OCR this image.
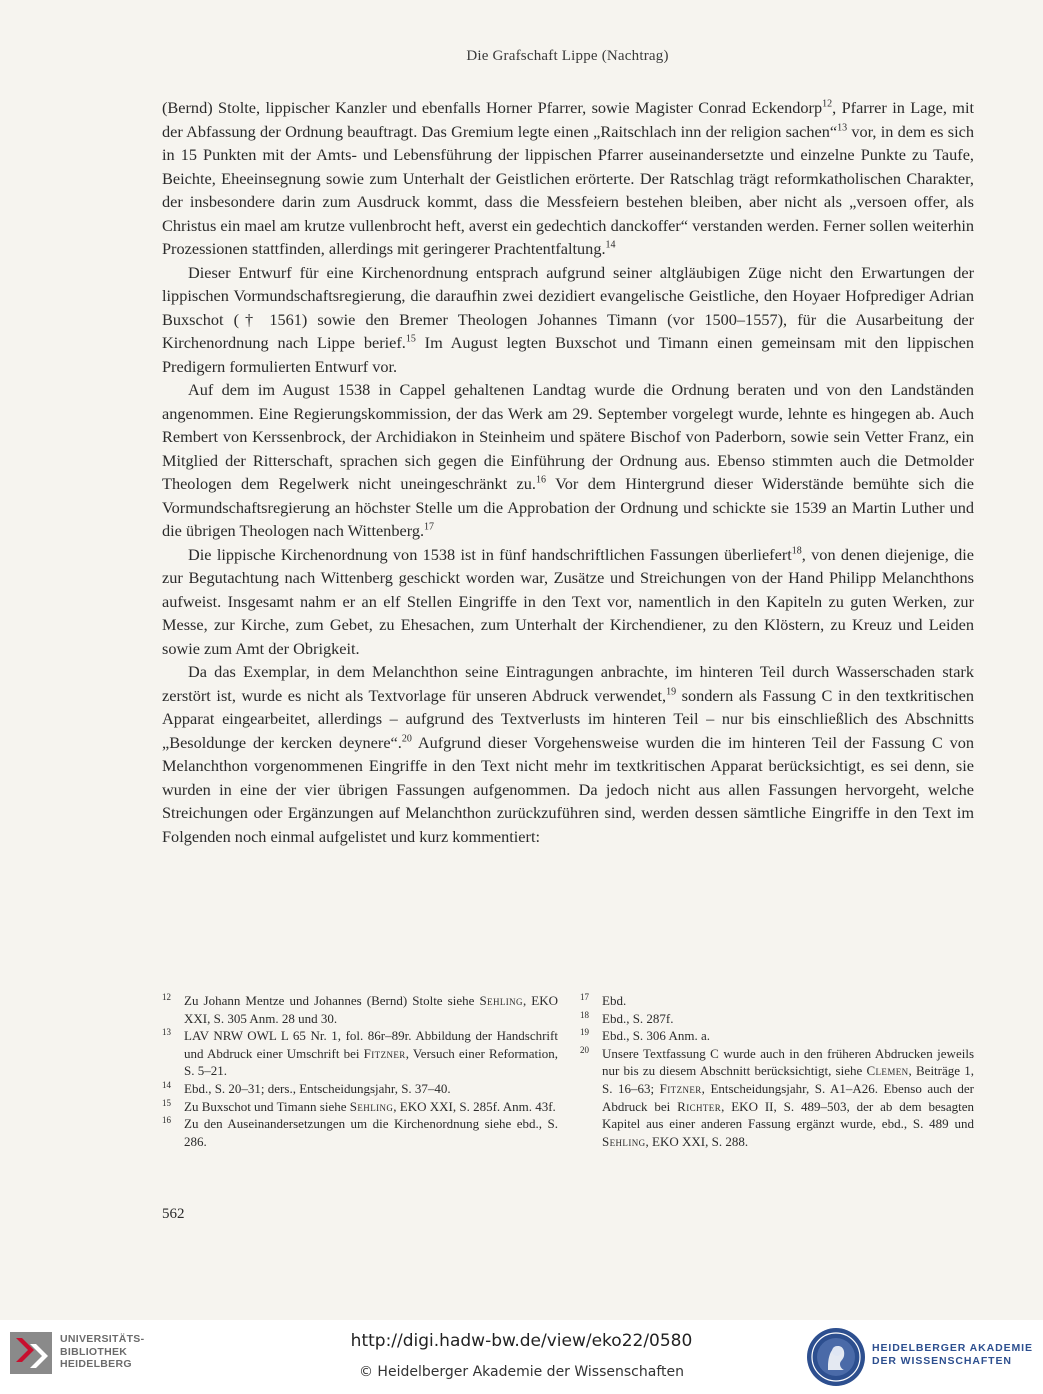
Die Grafschaft Lippe (Nachtrag)

(Bernd) Stolte, lippischer Kanzler und ebenfalls Horner Pfarrer, sowie Magister Conrad Eckendorp$^{12}$, Pfarrer in Lage, mit der Abfassung der Ordnung beauftragt. Das Gremium legte einen „Raitschlach inn der religion sachen“$^{13}$ vor, in dem es sich in 15 Punkten mit der Amts- und Lebensführung der lippischen Pfarrer auseinandersetzte und einzelne Punkte zu Taufe, Beichte, Eheeinsegnung sowie zum Unterhalt der Geistlichen erörterte. Der Ratschlag trägt reformkatholischen Charakter, der insbesondere darin zum Ausdruck kommt, dass die Messfeiern bestehen bleiben, aber nicht als „versoen offer, als Christus ein mael am krutze vullenbrocht heft, averst ein gedechtich danckoffer“ verstanden werden. Ferner sollen weiterhin Prozessionen stattfinden, allerdings mit geringerer Prachtentfaltung.$^{14}$

Dieser Entwurf für eine Kirchenordnung entsprach aufgrund seiner altgläubigen Züge nicht den Erwartungen der lippischen Vormundschaftsregierung, die daraufhin zwei dezidiert evangelische Geistliche, den Hoyaer Hofprediger Adrian Buxschot († 1561) sowie den Bremer Theologen Johannes Timann (vor 1500–1557), für die Ausarbeitung der Kirchenordnung nach Lippe berief.$^{15}$ Im August legten Buxschot und Timann einen gemeinsam mit den lippischen Predigern formulierten Entwurf vor.

Auf dem im August 1538 in Cappel gehaltenen Landtag wurde die Ordnung beraten und von den Landständen angenommen. Eine Regierungskommission, der das Werk am 29. September vorgelegt wurde, lehnte es hingegen ab. Auch Rembert von Kerssenbrock, der Archidiakon in Steinheim und spätere Bischof von Paderborn, sowie sein Vetter Franz, ein Mitglied der Ritterschaft, sprachen sich gegen die Einführung der Ordnung aus. Ebenso stimmten auch die Detmolder Theologen dem Regelwerk nicht uneingeschränkt zu.$^{16}$ Vor dem Hintergrund dieser Widerstände bemühte sich die Vormundschaftsregierung an höchster Stelle um die Approbation der Ordnung und schickte sie 1539 an Martin Luther und die übrigen Theologen nach Wittenberg.$^{17}$

Die lippische Kirchenordnung von 1538 ist in fünf handschriftlichen Fassungen überliefert$^{18}$, von denen diejenige, die zur Begutachtung nach Wittenberg geschickt worden war, Zusätze und Streichungen von der Hand Philipp Melanchthons aufweist. Insgesamt nahm er an elf Stellen Eingriffe in den Text vor, namentlich in den Kapiteln zu guten Werken, zur Messe, zur Kirche, zum Gebet, zu Ehesachen, zum Unterhalt der Kirchendiener, zu den Klöstern, zu Kreuz und Leiden sowie zum Amt der Obrigkeit.

Da das Exemplar, in dem Melanchthon seine Eintragungen anbrachte, im hinteren Teil durch Wasserschaden stark zerstört ist, wurde es nicht als Textvorlage für unseren Abdruck verwendet,$^{19}$ sondern als Fassung C in den textkritischen Apparat eingearbeitet, allerdings – aufgrund des Textverlusts im hinteren Teil – nur bis einschließlich des Abschnitts „Besoldunge der kercken deynere“.$^{20}$ Aufgrund dieser Vorgehensweise wurden die im hinteren Teil der Fassung C von Melanchthon vorgenommenen Eingriffe in den Text nicht mehr im textkritischen Apparat berücksichtigt, es sei denn, sie wurden in eine der vier übrigen Fassungen aufgenommen. Da jedoch nicht aus allen Fassungen hervorgeht, welche Streichungen oder Ergänzungen auf Melanchthon zurückzuführen sind, werden dessen sämtliche Eingriffe in den Text im Folgenden noch einmal aufgelistet und kurz kommentiert:

12 Zu Johann Mentze und Johannes (Bernd) Stolte siehe Sehling, EKO XXI, S. 305 Anm. 28 und 30.
13 LAV NRW OWL L 65 Nr. 1, fol. 86r–89r. Abbildung der Handschrift und Abdruck einer Umschrift bei Fitzner, Versuch einer Reformation, S. 5–21.
14 Ebd., S. 20–31; ders., Entscheidungsjahr, S. 37–40.
15 Zu Buxschot und Timann siehe Sehling, EKO XXI, S. 285f. Anm. 43f.
16 Zu den Auseinandersetzungen um die Kirchenordnung siehe ebd., S. 286.
17 Ebd.
18 Ebd., S. 287f.
19 Ebd., S. 306 Anm. a.
20 Unsere Textfassung C wurde auch in den früheren Abdrucken jeweils nur bis zu diesem Abschnitt berücksichtigt, siehe Clemen, Beiträge 1, S. 16–63; Fitzner, Entscheidungsjahr, S. A1–A26. Ebenso auch der Abdruck bei Richter, EKO II, S. 489–503, der ab dem besagten Kapitel aus einer anderen Fassung ergänzt wurde, ebd., S. 489 und Sehling, EKO XXI, S. 288.
562
UNIVERSITÄTS-
BIBLIOTHEK
HEIDELBERG
http://digi.hadw-bw.de/view/eko22/0580
© Heidelberger Akademie der Wissenschaften
HEIDELBERGER AKADEMIE
DER WISSENSCHAFTEN
